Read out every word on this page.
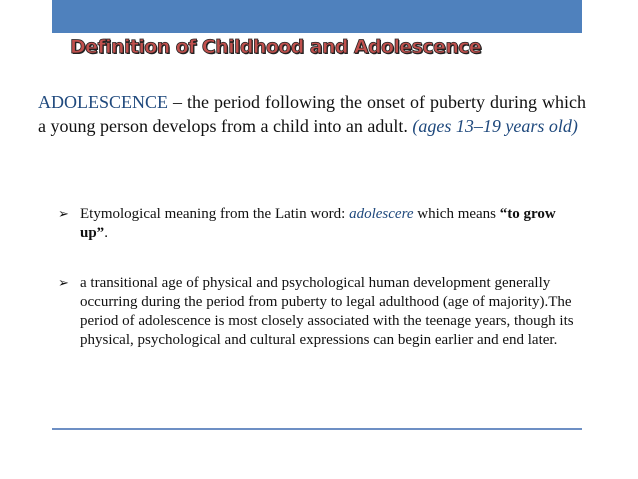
Definition of Childhood and Adolescence
ADOLESCENCE – the period following the onset of puberty during which a young person develops from a child into an adult. (ages 13–19 years old)
➢ Etymological meaning from the Latin word: adolescere which means “to grow up”.
➢ a transitional age of physical and psychological human development generally occurring during the period from puberty to legal adulthood (age of majority).The period of adolescence is most closely associated with the teenage years, though its physical, psychological and cultural expressions can begin earlier and end later.
